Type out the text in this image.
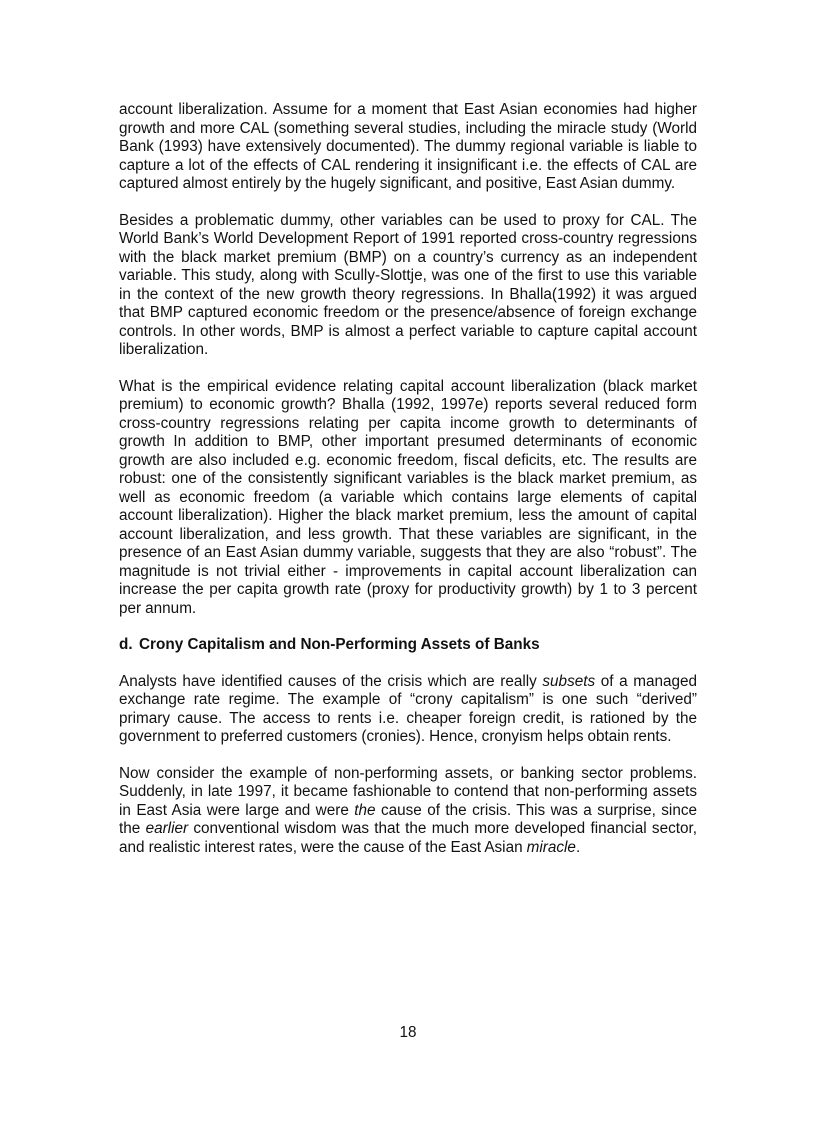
account liberalization. Assume for a moment that East Asian economies had higher growth and more CAL (something several studies, including the miracle study (World Bank (1993) have extensively documented). The dummy regional variable is liable to capture a lot of the effects of CAL rendering it insignificant i.e. the effects of CAL are captured almost entirely by the hugely significant, and positive, East Asian dummy.

Besides a problematic dummy, other variables can be used to proxy for CAL. The World Bank’s World Development Report of 1991 reported cross-country regressions with the black market premium (BMP) on a country’s currency as an independent variable. This study, along with Scully-Slottje, was one of the first to use this variable in the context of the new growth theory regressions. In Bhalla(1992) it was argued that BMP captured economic freedom or the presence/absence of foreign exchange controls. In other words, BMP is almost a perfect variable to capture capital account liberalization.

What is the empirical evidence relating capital account liberalization (black market premium) to economic growth? Bhalla (1992, 1997e) reports several reduced form cross-country regressions relating per capita income growth to determinants of growth In addition to BMP, other important presumed determinants of economic growth are also included e.g. economic freedom, fiscal deficits, etc. The results are robust: one of the consistently significant variables is the black market premium, as well as economic freedom (a variable which contains large elements of capital account liberalization). Higher the black market premium, less the amount of capital account liberalization, and less growth. That these variables are significant, in the presence of an East Asian dummy variable, suggests that they are also “robust”. The magnitude is not trivial either - improvements in capital account liberalization can increase the per capita growth rate (proxy for productivity growth) by 1 to 3 percent per annum.

d. Crony Capitalism and Non-Performing Assets of Banks

Analysts have identified causes of the crisis which are really subsets of a managed exchange rate regime. The example of “crony capitalism” is one such “derived” primary cause. The access to rents i.e. cheaper foreign credit, is rationed by the government to preferred customers (cronies). Hence, cronyism helps obtain rents.

Now consider the example of non-performing assets, or banking sector problems. Suddenly, in late 1997, it became fashionable to contend that non-performing assets in East Asia were large and were the cause of the crisis. This was a surprise, since the earlier conventional wisdom was that the much more developed financial sector, and realistic interest rates, were the cause of the East Asian miracle.

18
